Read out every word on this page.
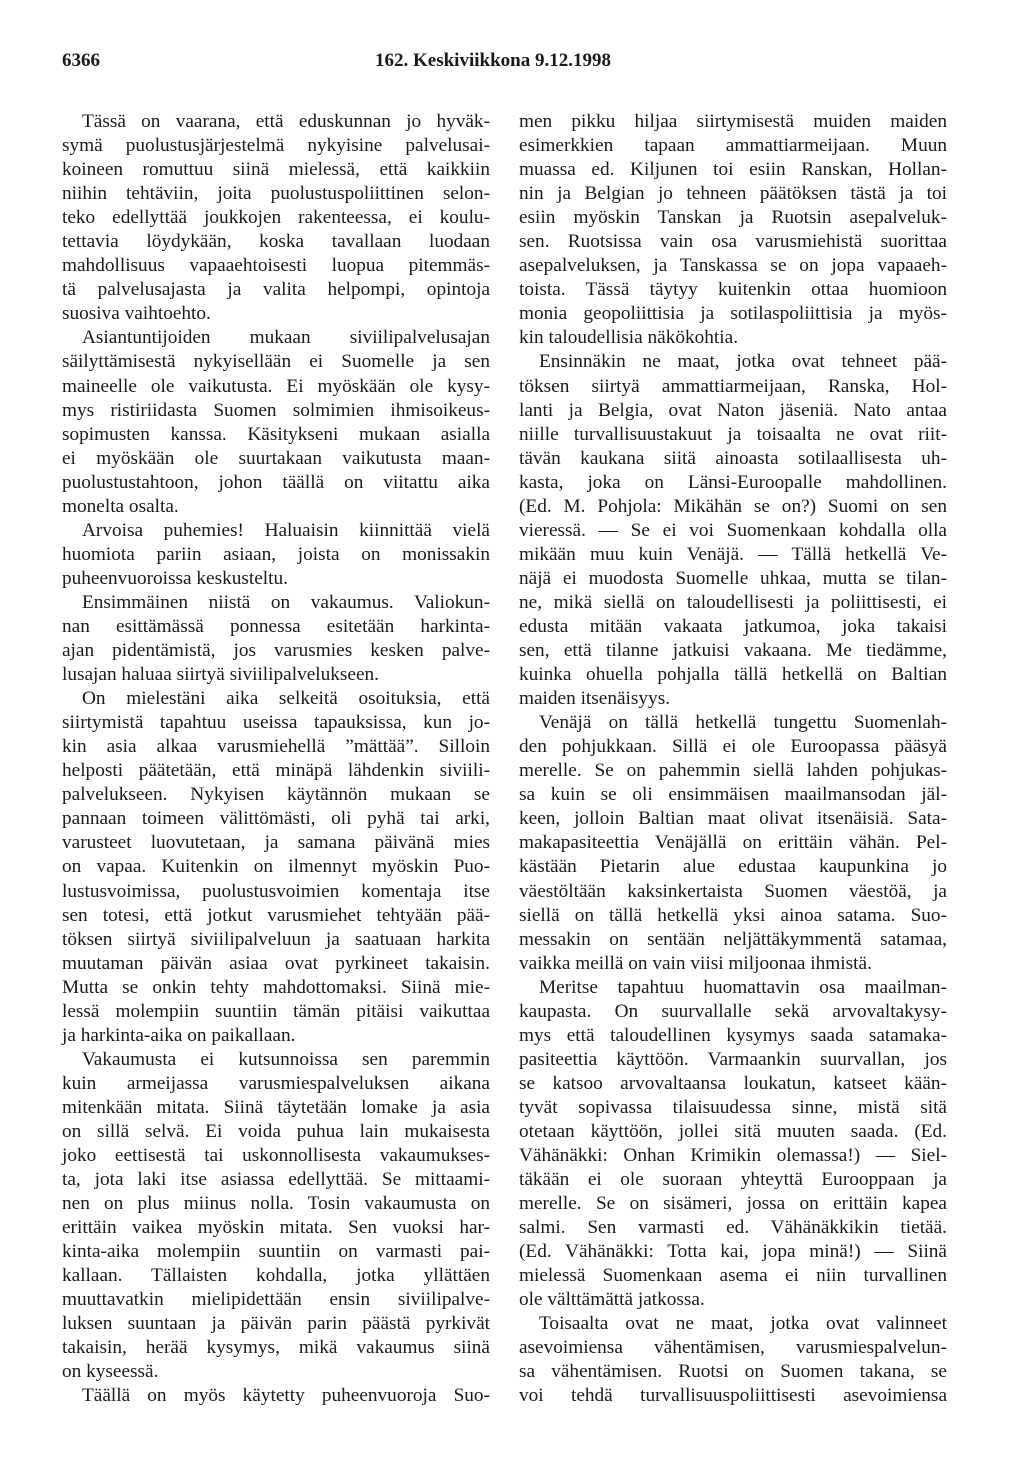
6366	162. Keskiviikkona 9.12.1998
Tässä on vaarana, että eduskunnan jo hyväk-
symä puolustusjärjestelmä nykyisine palvelusai-
koineen romuttuu siinä mielessä, että kaikkiin
niihin tehtäviin, joita puolustuspoliittinen selon-
teko edellyttää joukkojen rakenteessa, ei koulu-
tettavia löydykään, koska tavallaan luodaan
mahdollisuus vapaaehtoisesti luopua pitemmäs-
tä palvelusajasta ja valita helpompi, opintoja
suosiva vaihtoehto.
Asiantuntijoiden mukaan siviilipalvelusajan
säilyttämisestä nykyisellään ei Suomelle ja sen
maineelle ole vaikutusta. Ei myöskään ole kysy-
mys ristiriidasta Suomen solmimien ihmisoikeus-
sopimusten kanssa. Käsitykseni mukaan asialla
ei myöskään ole suurtakaan vaikutusta maan-
puolustustahtoon, johon täällä on viitattu aika
monelta osalta.
Arvoisa puhemies! Haluaisin kiinnittää vielä
huomiota pariin asiaan, joista on monissakin
puheenvuoroissa keskusteltu.
Ensimmäinen niistä on vakaumus. Valiokun-
nan esittämässä ponnessa esitetään harkinta-
ajan pidentämistä, jos varusmies kesken palve-
lusajan haluaa siirtyä siviilipalvelukseen.
On mielestäni aika selkeitä osoituksia, että
siirtymistä tapahtuu useissa tapauksissa, kun jo-
kin asia alkaa varusmiehellä ”mättää”. Silloin
helposti päätetään, että minäpä lähdenkin siviili-
palvelukseen. Nykyisen käytännön mukaan se
pannaan toimeen välittömästi, oli pyhä tai arki,
varusteet luovutetaan, ja samana päivänä mies
on vapaa. Kuitenkin on ilmennyt myöskin Puo-
lustusvoimissa, puolustusvoimien komentaja itse
sen totesi, että jotkut varusmiehet tehtyään pää-
töksen siirtyä siviilipalveluun ja saatuaan harkita
muutaman päivän asiaa ovat pyrkineet takaisin.
Mutta se onkin tehty mahdottomaksi. Siinä mie-
lessä molempiin suuntiin tämän pitäisi vaikuttaa
ja harkinta-aika on paikallaan.
Vakaumusta ei kutsunnoissa sen paremmin
kuin armeijassa varusmiespalveluksen aikana
mitenkään mitata. Siinä täytetään lomake ja asia
on sillä selvä. Ei voida puhua lain mukaisesta
joko eettisestä tai uskonnollisesta vakaumukses-
ta, jota laki itse asiassa edellyttää. Se mittaami-
nen on plus miinus nolla. Tosin vakaumusta on
erittäin vaikea myöskin mitata. Sen vuoksi har-
kinta-aika molempiin suuntiin on varmasti pai-
kallaan. Tällaisten kohdalla, jotka yllättäen
muuttavatkin mielipidettään ensin siviilipalve-
luksen suuntaan ja päivän parin päästä pyrkivät
takaisin, herää kysymys, mikä vakaumus siinä
on kyseessä.
Täällä on myös käytetty puheenvuoroja Suo-
men pikku hiljaa siirtymisestä muiden maiden
esimerkkien tapaan ammattiarmeijaan. Muun
muassa ed. Kiljunen toi esiin Ranskan, Hollan-
nin ja Belgian jo tehneen päätöksen tästä ja toi
esiin myöskin Tanskan ja Ruotsin asepalveluk-
sen. Ruotsissa vain osa varusmiehistä suorittaa
asepalveluksen, ja Tanskassa se on jopa vapaaeh-
toista. Tässä täytyy kuitenkin ottaa huomioon
monia geopoliittisia ja sotilaspoliittisia ja myös-
kin taloudellisia näkökohtia.
Ensinnäkin ne maat, jotka ovat tehneet pää-
töksen siirtyä ammattiarmeijaan, Ranska, Hol-
lanti ja Belgia, ovat Naton jäseniä. Nato antaa
niille turvallisuustakuut ja toisaalta ne ovat riit-
tävän kaukana siitä ainoasta sotilaallisesta uh-
kasta, joka on Länsi-Euroopalle mahdollinen.
(Ed. M. Pohjola: Mikähän se on?) Suomi on sen
vieressä. — Se ei voi Suomenkaan kohdalla olla
mikään muu kuin Venäjä. — Tällä hetkellä Ve-
näjä ei muodosta Suomelle uhkaa, mutta se tilan-
ne, mikä siellä on taloudellisesti ja poliittisesti, ei
edusta mitään vakaata jatkumoa, joka takaisi
sen, että tilanne jatkuisi vakaana. Me tiedämme,
kuinka ohuella pohjalla tällä hetkellä on Baltian
maiden itsenäisyys.
Venäjä on tällä hetkellä tungettu Suomenlah-
den pohjukkaan. Sillä ei ole Euroopassa pääsyä
merelle. Se on pahemmin siellä lahden pohjukas-
sa kuin se oli ensimmäisen maailmansodan jäl-
keen, jolloin Baltian maat olivat itsenäisiä. Sata-
makapasiteettia Venäjällä on erittäin vähän. Pel-
kästään Pietarin alue edustaa kaupunkina jo
väestöltään kaksinkertaista Suomen väestöä, ja
siellä on tällä hetkellä yksi ainoa satama. Suo-
messakin on sentään neljättäkymmentä satamaa,
vaikka meillä on vain viisi miljoonaa ihmistä.
Meritse tapahtuu huomattavin osa maailman-
kaupasta. On suurvallalle sekä arvovaltakysy-
mys että taloudellinen kysymys saada satamaka-
pasiteettia käyttöön. Varmaankin suurvallan, jos
se katsoo arvovaltaansa loukatun, katseet kään-
tyvät sopivassa tilaisuudessa sinne, mistä sitä
otetaan käyttöön, jollei sitä muuten saada. (Ed.
Vähänäkki: Onhan Krimikin olemassa!) — Siel-
täkään ei ole suoraan yhteyttä Eurooppaan ja
merelle. Se on sisämeri, jossa on erittäin kapea
salmi. Sen varmasti ed. Vähänäkkikin tietää.
(Ed. Vähänäkki: Totta kai, jopa minä!) — Siinä
mielessä Suomenkaan asema ei niin turvallinen
ole välttämättä jatkossa.
Toisaalta ovat ne maat, jotka ovat valinneet
asevoimiensa vähentämisen, varusmiespalvelun-
sa vähentämisen. Ruotsi on Suomen takana, se
voi tehdä turvallisuuspoliittisesti asevoimiensa
